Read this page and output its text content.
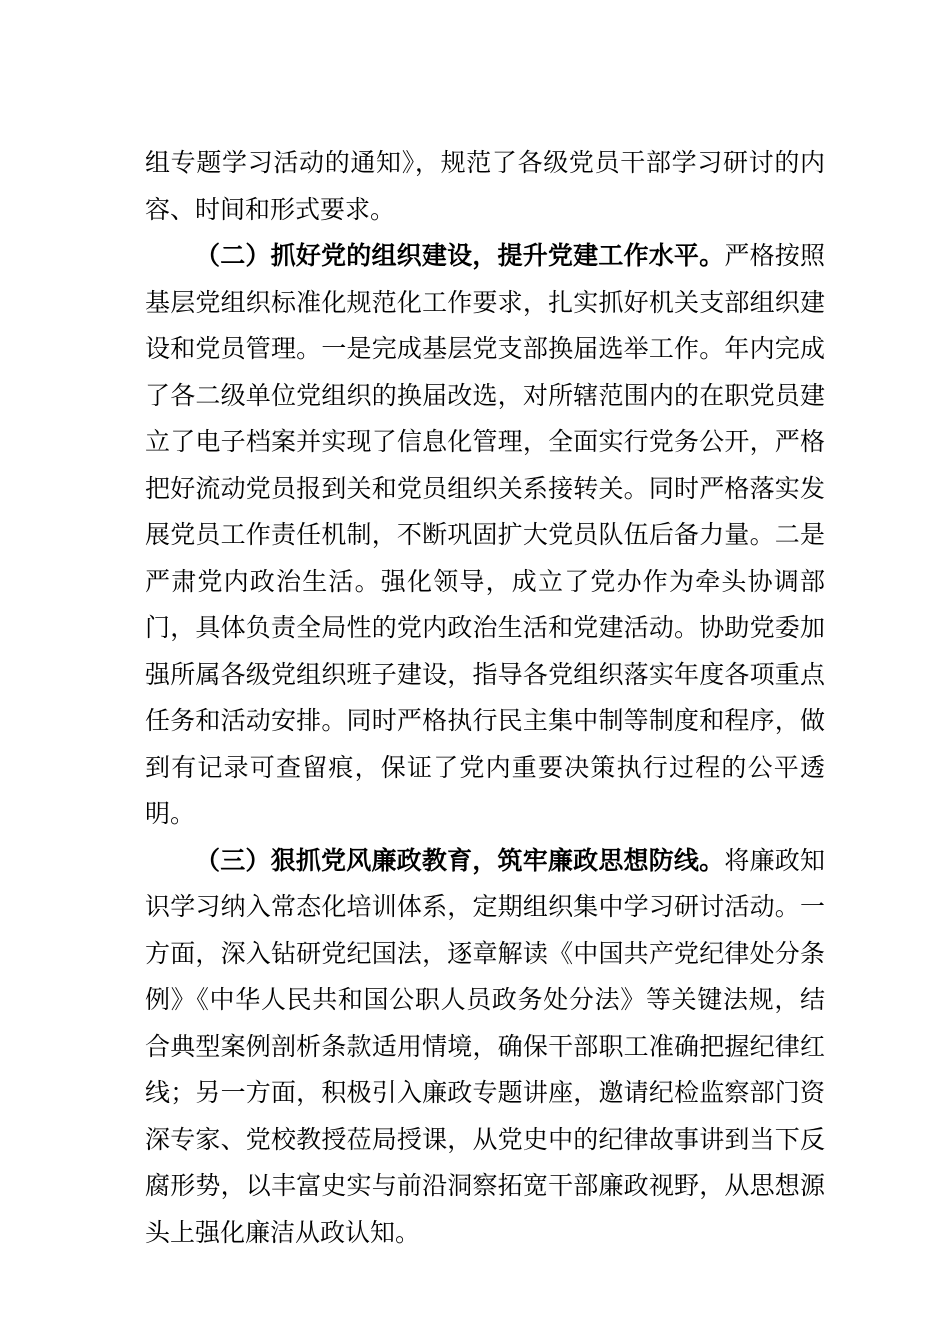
组专题学习活动的通知》，规范了各级党员干部学习研讨的内容、时间和形式要求。

（二）抓好党的组织建设，提升党建工作水平。严格按照基层党组织标准化规范化工作要求，扎实抓好机关支部组织建设和党员管理。一是完成基层党支部换届选举工作。年内完成了各二级单位党组织的换届改选，对所辖范围内的在职党员建立了电子档案并实现了信息化管理，全面实行党务公开，严格把好流动党员报到关和党员组织关系接转关。同时严格落实发展党员工作责任机制，不断巩固扩大党员队伍后备力量。二是严肃党内政治生活。强化领导，成立了党办作为牵头协调部门，具体负责全局性的党内政治生活和党建活动。协助党委加强所属各级党组织班子建设，指导各党组织落实年度各项重点任务和活动安排。同时严格执行民主集中制等制度和程序，做到有记录可查留痕，保证了党内重要决策执行过程的公平透明。

（三）狠抓党风廉政教育，筑牢廉政思想防线。将廉政知识学习纳入常态化培训体系，定期组织集中学习研讨活动。一方面，深入钻研党纪国法，逐章解读《中国共产党纪律处分条例》《中华人民共和国公职人员政务处分法》等关键法规，结合典型案例剖析条款适用情境，确保干部职工准确把握纪律红线；另一方面，积极引入廉政专题讲座，邀请纪检监察部门资深专家、党校教授莅局授课，从党史中的纪律故事讲到当下反腐形势，以丰富史实与前沿洞察拓宽干部廉政视野，从思想源头上强化廉洁从政认知。
